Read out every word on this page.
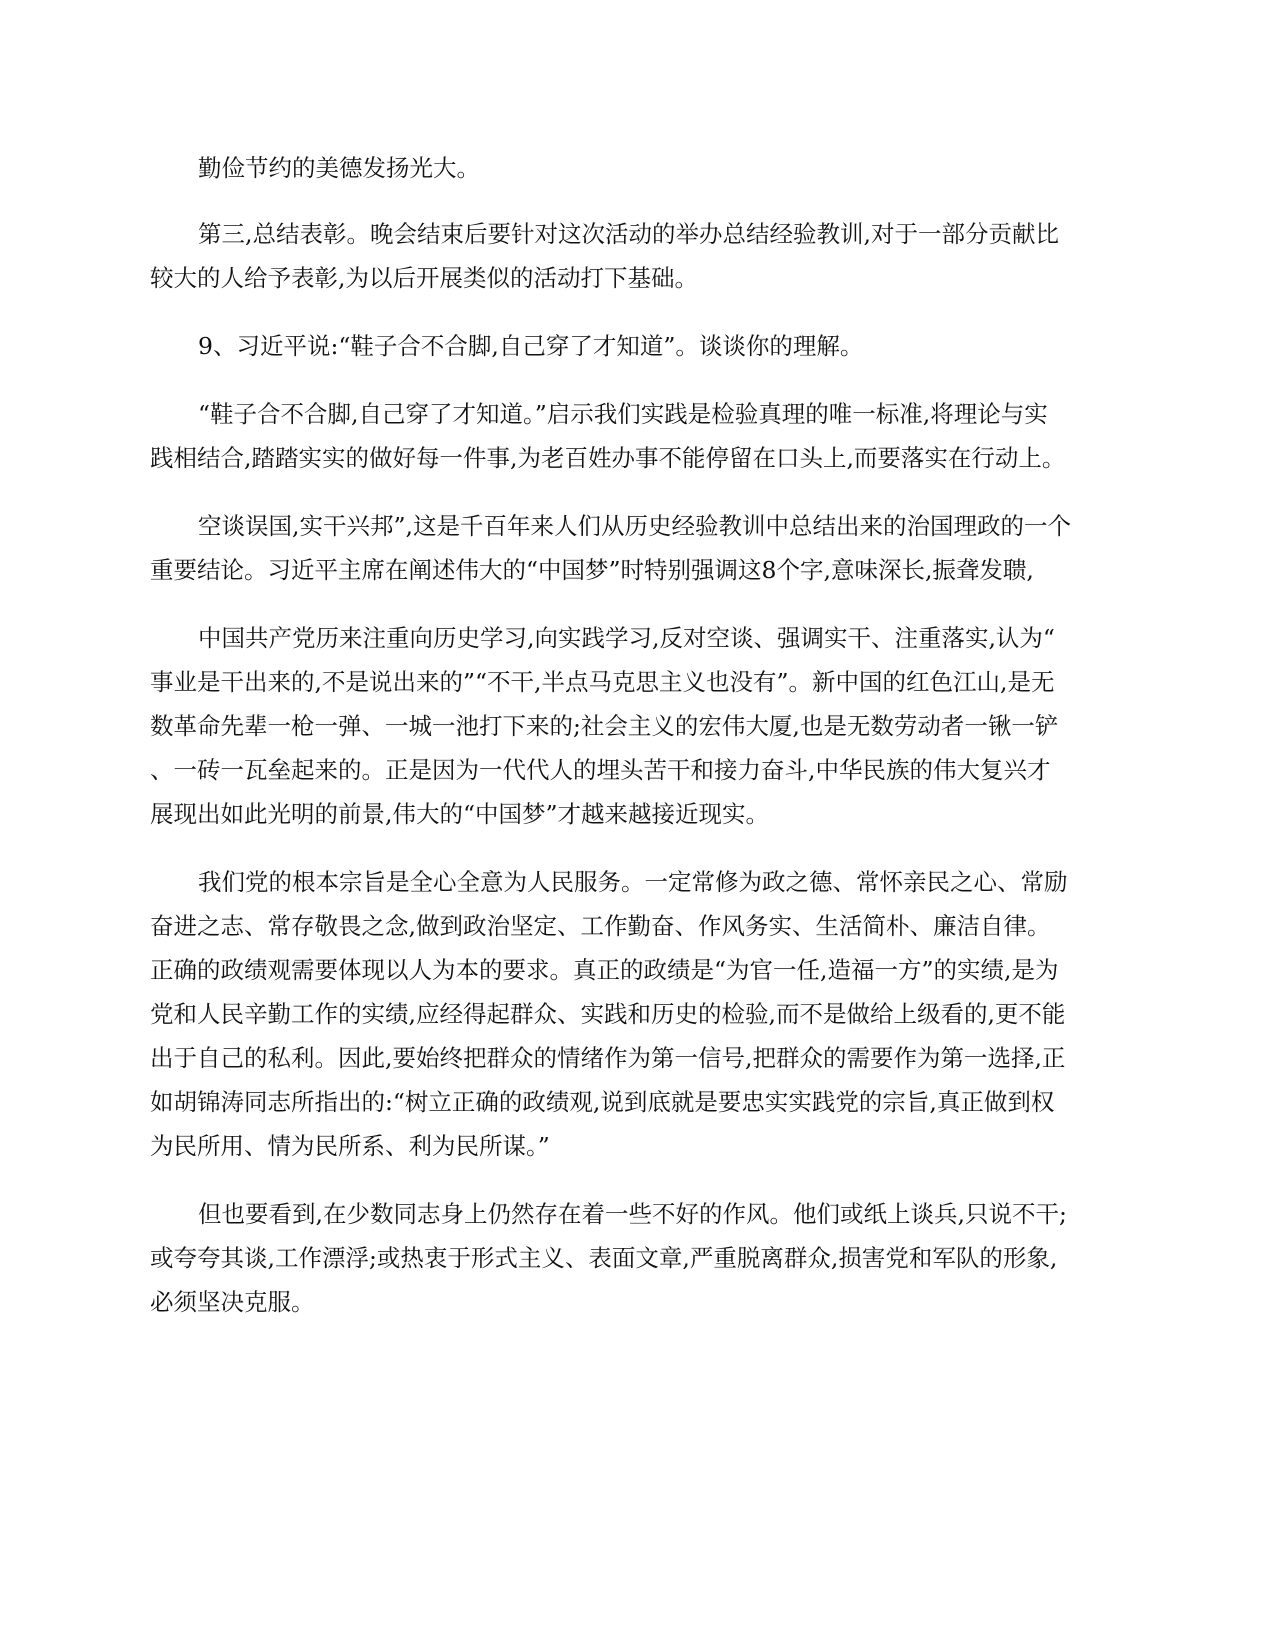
勤俭节约的美德发扬光大。
第三,总结表彰。晚会结束后要针对这次活动的举办总结经验教训,对于一部分贡献比
较大的人给予表彰,为以后开展类似的活动打下基础。
9、习近平说:“鞋子合不合脚,自己穿了才知道”。谈谈你的理解。
“鞋子合不合脚,自己穿了才知道。”启示我们实践是检验真理的唯一标准,将理论与实
践相结合,踏踏实实的做好每一件事,为老百姓办事不能停留在口头上,而要落实在行动上。
空谈误国,实干兴邦”,这是千百年来人们从历史经验教训中总结出来的治国理政的一个
重要结论。习近平主席在阐述伟大的“中国梦”时特别强调这8个字,意味深长,振聋发聩,
中国共产党历来注重向历史学习,向实践学习,反对空谈、强调实干、注重落实,认为“
事业是干出来的,不是说出来的”“不干,半点马克思主义也没有”。新中国的红色江山,是无
数革命先辈一枪一弹、一城一池打下来的;社会主义的宏伟大厦,也是无数劳动者一锹一铲
、一砖一瓦垒起来的。正是因为一代代人的埋头苦干和接力奋斗,中华民族的伟大复兴才
展现出如此光明的前景,伟大的“中国梦”才越来越接近现实。
我们党的根本宗旨是全心全意为人民服务。一定常修为政之德、常怀亲民之心、常励
奋进之志、常存敬畏之念,做到政治坚定、工作勤奋、作风务实、生活简朴、廉洁自律。
正确的政绩观需要体现以人为本的要求。真正的政绩是“为官一任,造福一方”的实绩,是为
党和人民辛勤工作的实绩,应经得起群众、实践和历史的检验,而不是做给上级看的,更不能
出于自己的私利。因此,要始终把群众的情绪作为第一信号,把群众的需要作为第一选择,正
如胡锦涛同志所指出的:“树立正确的政绩观,说到底就是要忠实实践党的宗旨,真正做到权
为民所用、情为民所系、利为民所谋。”
但也要看到,在少数同志身上仍然存在着一些不好的作风。他们或纸上谈兵,只说不干;
或夸夸其谈,工作漂浮;或热衷于形式主义、表面文章,严重脱离群众,损害党和军队的形象,
必须坚决克服。
